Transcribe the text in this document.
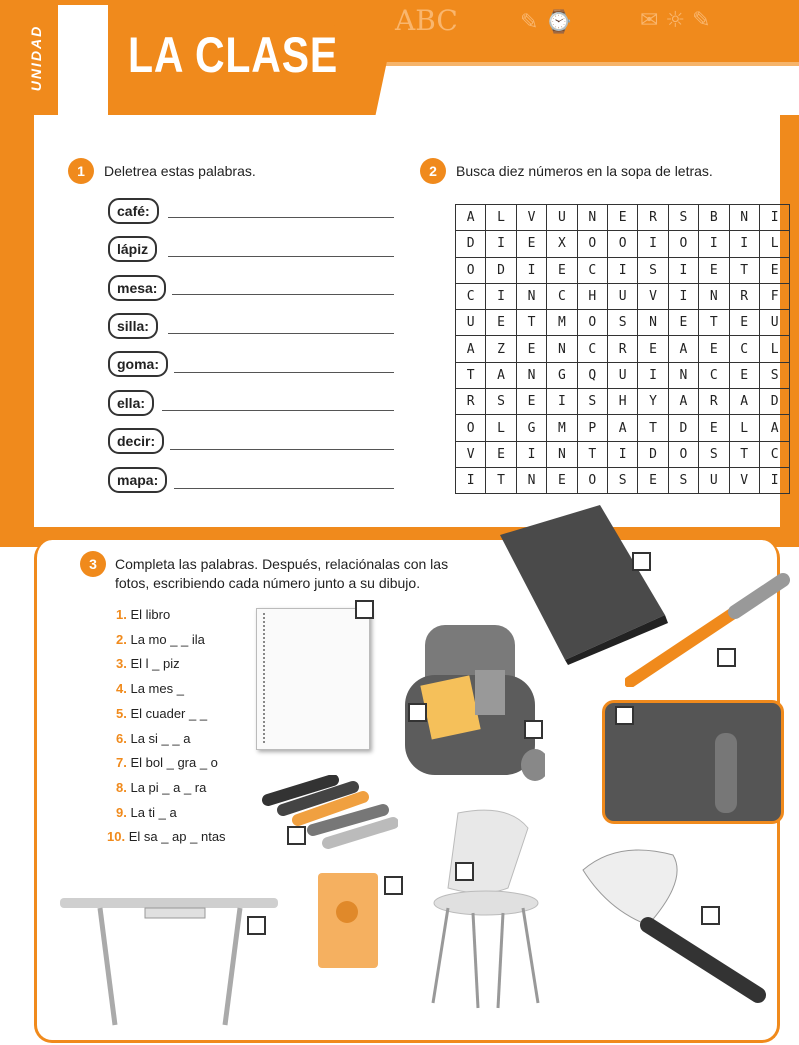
ABC	✎ ⌚	✉ ☼ ✎
UNIDAD LA CLASE
1	Deletrea estas palabras.
café:
lápiz
mesa:
silla:
goma:
ella:
decir:
mapa:
2	Busca diez números en la sopa de letras.
A	L	V	U	N	E	R	S	B	N	I
D	I	E	X	O	O	I	O	I	I	L
O	D	I	E	C	I	S	I	E	T	E
C	I	N	C	H	U	V	I	N	R	F
U	E	T	M	O	S	N	E	T	E	U
A	Z	E	N	C	R	E	A	E	C	L
T	A	N	G	Q	U	I	N	C	E	S
R	S	E	I	S	H	Y	A	R	A	D
O	L	G	M	P	A	T	D	E	L	A
V	E	I	N	T	I	D	O	S	T	C
I	T	N	E	O	S	E	S	U	V	I
3	Completa las palabras. Después, relaciónalas con las
fotos, escribiendo cada número junto a su dibujo.
1. El libro
2. La mo _ _ ila
3. El l _ piz
4. La mes _
5. El cuader _ _
6. La si _ _ a
7. El bol _ gra _ o
8. La pi _ a _ ra
9. La ti _ a
10. El sa _ ap _ ntas
